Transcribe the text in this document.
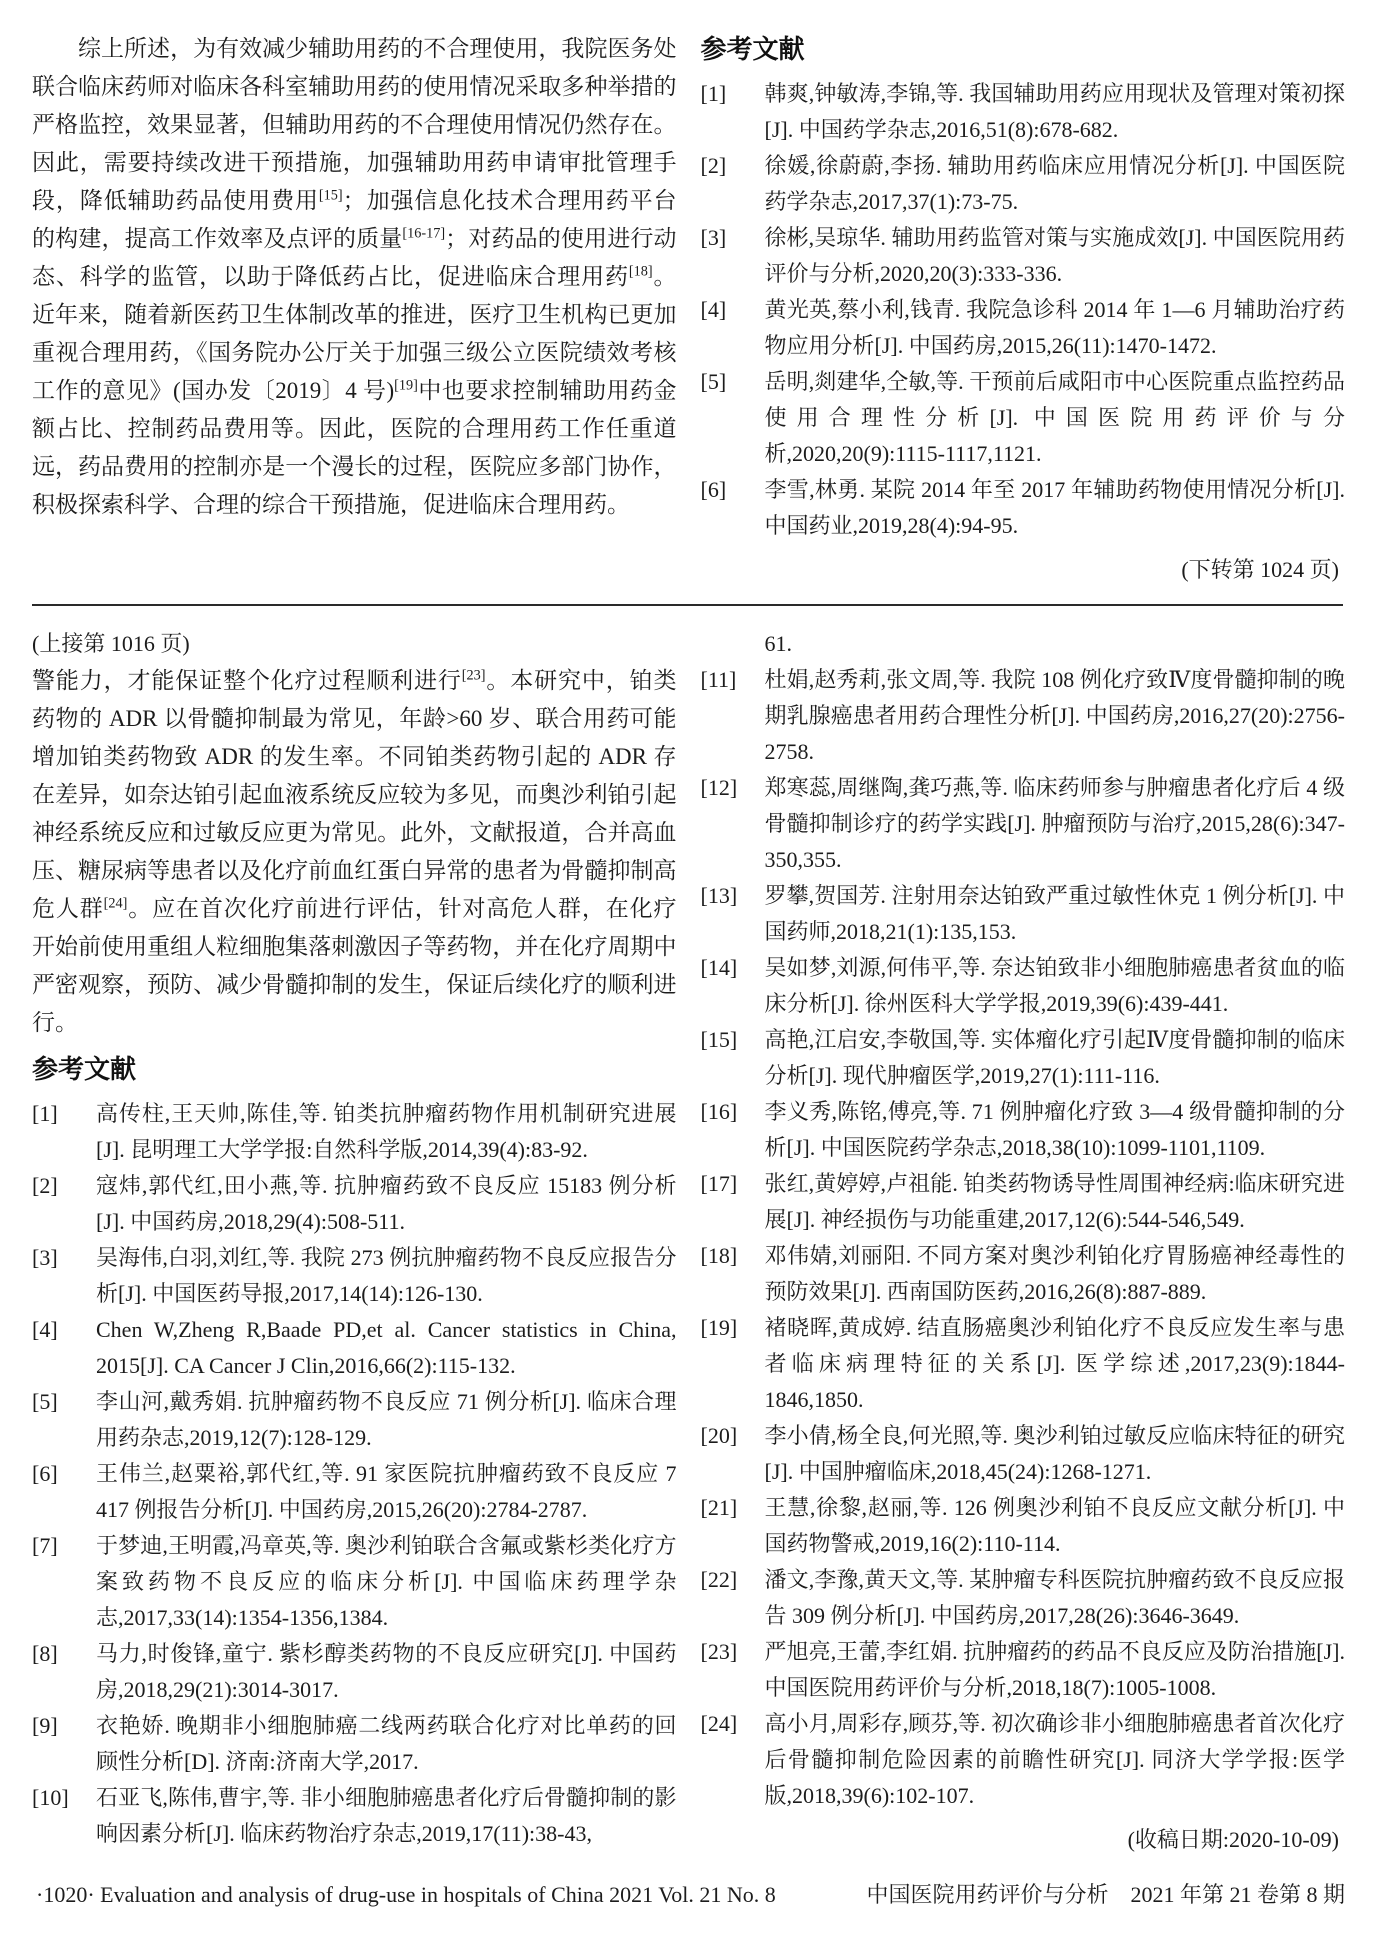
综上所述，为有效减少辅助用药的不合理使用，我院医务处联合临床药师对临床各科室辅助用药的使用情况采取多种举措的严格监控，效果显著，但辅助用药的不合理使用情况仍然存在。因此，需要持续改进干预措施，加强辅助用药申请审批管理手段，降低辅助药品使用费用[15]；加强信息化技术合理用药平台的构建，提高工作效率及点评的质量[16-17]；对药品的使用进行动态、科学的监管，以助于降低药占比，促进临床合理用药[18]。近年来，随着新医药卫生体制改革的推进，医疗卫生机构已更加重视合理用药，《国务院办公厅关于加强三级公立医院绩效考核工作的意见》(国办发〔2019〕4 号)[19]中也要求控制辅助用药金额占比、控制药品费用等。因此，医院的合理用药工作任重道远，药品费用的控制亦是一个漫长的过程，医院应多部门协作，积极探索科学、合理的综合干预措施，促进临床合理用药。

参考文献
[1]	韩爽,钟敏涛,李锦,等. 我国辅助用药应用现状及管理对策初探[J]. 中国药学杂志,2016,51(8):678-682.
[2]	徐媛,徐蔚蔚,李扬. 辅助用药临床应用情况分析[J]. 中国医院药学杂志,2017,37(1):73-75.
[3]	徐彬,吴琼华. 辅助用药监管对策与实施成效[J]. 中国医院用药评价与分析,2020,20(3):333-336.
[4]	黄光英,蔡小利,钱青. 我院急诊科 2014 年 1—6 月辅助治疗药物应用分析[J]. 中国药房,2015,26(11):1470-1472.
[5]	岳明,剡建华,仝敏,等. 干预前后咸阳市中心医院重点监控药品使用合理性分析[J]. 中国医院用药评价与分析,2020,20(9):1115-1117,1121.
[6]	李雪,林勇. 某院 2014 年至 2017 年辅助药物使用情况分析[J]. 中国药业,2019,28(4):94-95.

(下转第 1024 页)

(上接第 1016 页)

警能力，才能保证整个化疗过程顺利进行[23]。本研究中，铂类药物的 ADR 以骨髓抑制最为常见，年龄>60 岁、联合用药可能增加铂类药物致 ADR 的发生率。不同铂类药物引起的 ADR 存在差异，如奈达铂引起血液系统反应较为多见，而奥沙利铂引起神经系统反应和过敏反应更为常见。此外，文献报道，合并高血压、糖尿病等患者以及化疗前血红蛋白异常的患者为骨髓抑制高危人群[24]。应在首次化疗前进行评估，针对高危人群，在化疗开始前使用重组人粒细胞集落刺激因子等药物，并在化疗周期中严密观察，预防、减少骨髓抑制的发生，保证后续化疗的顺利进行。

参考文献
[1]	高传柱,王天帅,陈佳,等. 铂类抗肿瘤药物作用机制研究进展[J]. 昆明理工大学学报:自然科学版,2014,39(4):83-92.
[2]	寇炜,郭代红,田小燕,等. 抗肿瘤药致不良反应 15183 例分析[J]. 中国药房,2018,29(4):508-511.
[3]	吴海伟,白羽,刘红,等. 我院 273 例抗肿瘤药物不良反应报告分析[J]. 中国医药导报,2017,14(14):126-130.
[4]	Chen W,Zheng R,Baade PD,et al. Cancer statistics in China, 2015[J]. CA Cancer J Clin,2016,66(2):115-132.
[5]	李山河,戴秀娟. 抗肿瘤药物不良反应 71 例分析[J]. 临床合理用药杂志,2019,12(7):128-129.
[6]	王伟兰,赵粟裕,郭代红,等. 91 家医院抗肿瘤药致不良反应 7 417 例报告分析[J]. 中国药房,2015,26(20):2784-2787.
[7]	于梦迪,王明霞,冯章英,等. 奥沙利铂联合含氟或紫杉类化疗方案致药物不良反应的临床分析[J]. 中国临床药理学杂志,2017,33(14):1354-1356,1384.
[8]	马力,时俊锋,童宁. 紫杉醇类药物的不良反应研究[J]. 中国药房,2018,29(21):3014-3017.
[9]	衣艳娇. 晚期非小细胞肺癌二线两药联合化疗对比单药的回顾性分析[D]. 济南:济南大学,2017.
[10]	石亚飞,陈伟,曹宇,等. 非小细胞肺癌患者化疗后骨髓抑制的影响因素分析[J]. 临床药物治疗杂志,2019,17(11):38-43,

61.

[11]	杜娟,赵秀莉,张文周,等. 我院 108 例化疗致Ⅳ度骨髓抑制的晚期乳腺癌患者用药合理性分析[J]. 中国药房,2016,27(20):2756-2758.
[12]	郑寒蕊,周继陶,龚巧燕,等. 临床药师参与肿瘤患者化疗后 4 级骨髓抑制诊疗的药学实践[J]. 肿瘤预防与治疗,2015,28(6):347-350,355.
[13]	罗攀,贺国芳. 注射用奈达铂致严重过敏性休克 1 例分析[J]. 中国药师,2018,21(1):135,153.
[14]	吴如梦,刘源,何伟平,等. 奈达铂致非小细胞肺癌患者贫血的临床分析[J]. 徐州医科大学学报,2019,39(6):439-441.
[15]	高艳,江启安,李敬国,等. 实体瘤化疗引起Ⅳ度骨髓抑制的临床分析[J]. 现代肿瘤医学,2019,27(1):111-116.
[16]	李义秀,陈铭,傅亮,等. 71 例肿瘤化疗致 3—4 级骨髓抑制的分析[J]. 中国医院药学杂志,2018,38(10):1099-1101,1109.
[17]	张红,黄婷婷,卢祖能. 铂类药物诱导性周围神经病:临床研究进展[J]. 神经损伤与功能重建,2017,12(6):544-546,549.
[18]	邓伟婧,刘丽阳. 不同方案对奥沙利铂化疗胃肠癌神经毒性的预防效果[J]. 西南国防医药,2016,26(8):887-889.
[19]	褚晓晖,黄成婷. 结直肠癌奥沙利铂化疗不良反应发生率与患者临床病理特征的关系[J]. 医学综述,2017,23(9):1844-1846,1850.
[20]	李小倩,杨全良,何光照,等. 奥沙利铂过敏反应临床特征的研究[J]. 中国肿瘤临床,2018,45(24):1268-1271.
[21]	王慧,徐黎,赵丽,等. 126 例奥沙利铂不良反应文献分析[J]. 中国药物警戒,2019,16(2):110-114.
[22]	潘文,李豫,黄天文,等. 某肿瘤专科医院抗肿瘤药致不良反应报告 309 例分析[J]. 中国药房,2017,28(26):3646-3649.
[23]	严旭亮,王蕾,李红娟. 抗肿瘤药的药品不良反应及防治措施[J]. 中国医院用药评价与分析,2018,18(7):1005-1008.
[24]	高小月,周彩存,顾芬,等. 初次确诊非小细胞肺癌患者首次化疗后骨髓抑制危险因素的前瞻性研究[J]. 同济大学学报:医学版,2018,39(6):102-107.

(收稿日期:2020-10-09)

·1020· Evaluation and analysis of drug-use in hospitals of China 2021 Vol. 21 No. 8	中国医院用药评价与分析　2021 年第 21 卷第 8 期
